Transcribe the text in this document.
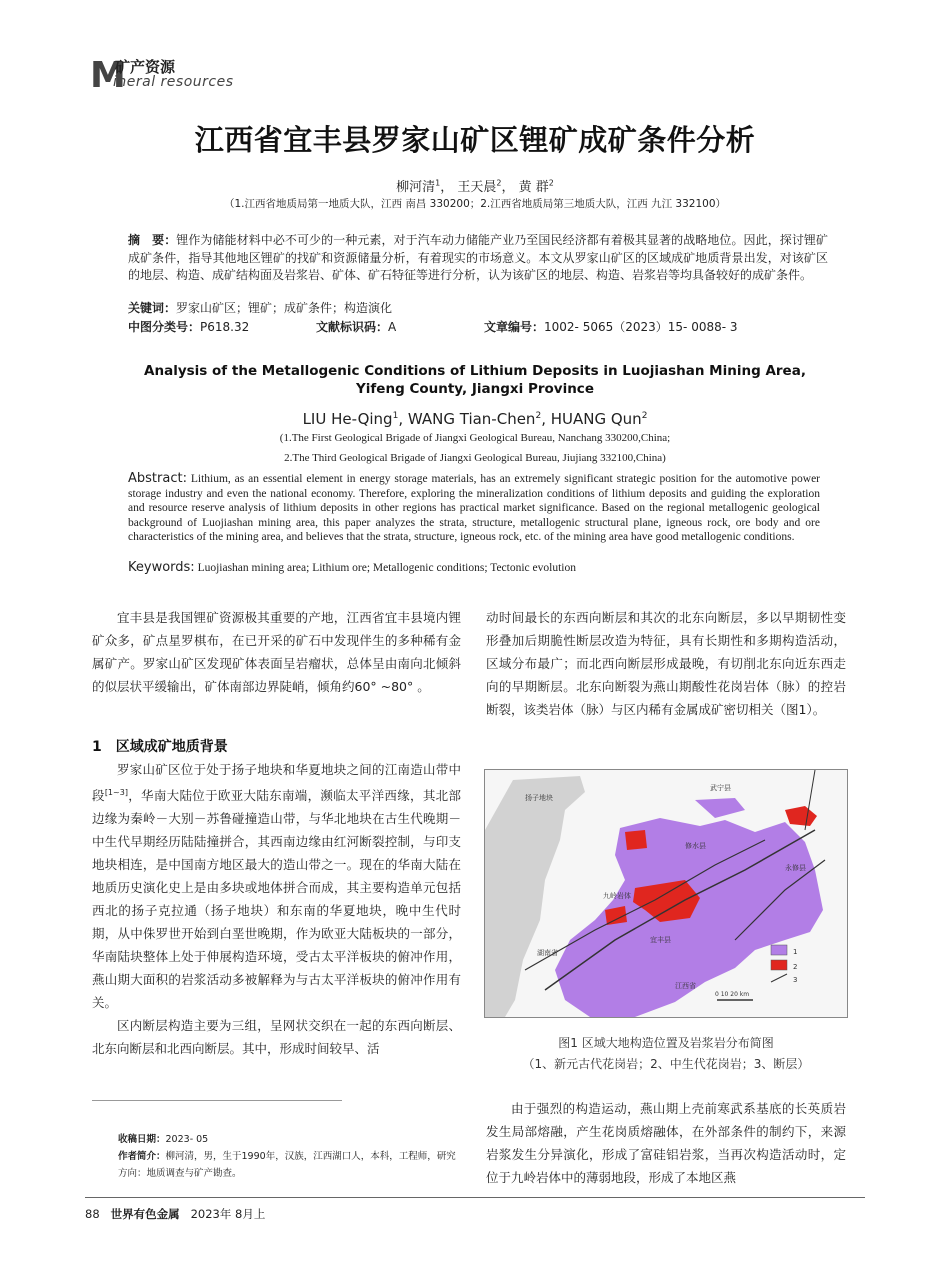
M
矿产资源
ineral resources
江西省宜丰县罗家山矿区锂矿成矿条件分析
柳河清$^1$， 王天晨$^2$， 黄 群$^2$
（1.江西省地质局第一地质大队，江西 南昌 330200；2.江西省地质局第三地质大队，江西 九江 332100）
摘　要：锂作为储能材料中必不可少的一种元素，对于汽车动力储能产业乃至国民经济都有着极其显著的战略地位。因此，探讨锂矿成矿条件，指导其他地区锂矿的找矿和资源储量分析，有着现实的市场意义。本文从罗家山矿区的区域成矿地质背景出发，对该矿区的地层、构造、成矿结构面及岩浆岩、矿体、矿石特征等进行分析，认为该矿区的地层、构造、岩浆岩等均具备较好的成矿条件。
关键词：罗家山矿区；锂矿；成矿条件；构造演化
中图分类号：P618.32	文献标识码：A	文章编号：1002- 5065（2023）15- 0088- 3
Analysis of the Metallogenic Conditions of Lithium Deposits in Luojiashan Mining Area,
Yifeng County, Jiangxi Province
LIU He-Qing$^1$, WANG Tian-Chen$^2$, HUANG Qun$^2$
(1.The First Geological Brigade of Jiangxi Geological Bureau, Nanchang 330200,China;
2.The Third Geological Brigade of Jiangxi Geological Bureau, Jiujiang 332100,China)
Abstract: Lithium, as an essential element in energy storage materials, has an extremely significant strategic position for the automotive power storage industry and even the national economy. Therefore, exploring the mineralization conditions of lithium deposits and guiding the exploration and resource reserve analysis of lithium deposits in other regions has practical market significance. Based on the regional metallogenic geological background of Luojiashan mining area, this paper analyzes the strata, structure, metallogenic structural plane, igneous rock, ore body and ore characteristics of the mining area, and believes that the strata, structure, igneous rock, etc. of the mining area have good metallogenic conditions.
Keywords: Luojiashan mining area; Lithium ore; Metallogenic conditions; Tectonic evolution

宜丰县是我国锂矿资源极其重要的产地，江西省宜丰县境内锂矿众多，矿点星罗棋布，在已开采的矿石中发现伴生的多种稀有金属矿产。罗家山矿区发现矿体表面呈岩瘤状，总体呈由南向北倾斜的似层状平缓输出，矿体南部边界陡峭，倾角约60° ~80° 。

1　区域成矿地质背景

罗家山矿区位于处于扬子地块和华夏地块之间的江南造山带中段[1~3]，华南大陆位于欧亚大陆东南端，濒临太平洋西缘，其北部边缘为秦岭－大别－苏鲁碰撞造山带，与华北地块在古生代晚期－中生代早期经历陆陆撞拼合，其西南边缘由红河断裂控制，与印支地块相连，是中国南方地区最大的造山带之一。现在的华南大陆在地质历史演化史上是由多块或地体拼合而成，其主要构造单元包括西北的扬子克拉通（扬子地块）和东南的华夏地块，晚中生代时期，从中侏罗世开始到白垩世晚期，作为欧亚大陆板块的一部分，华南陆块整体上处于伸展构造环境，受古太平洋板块的俯冲作用，燕山期大面积的岩浆活动多被解释为与古太平洋板块的俯冲作用有关。

区内断层构造主要为三组，呈网状交织在一起的东西向断层、北东向断层和北西向断层。其中，形成时间较早、活

动时间最长的东西向断层和其次的北东向断层，多以早期韧性变形叠加后期脆性断层改造为特征，具有长期性和多期构造活动，区域分布最广；而北西向断层形成最晚，有切削北东向近东西走向的早期断层。北东向断裂为燕山期酸性花岗岩体（脉）的控岩断裂，该类岩体（脉）与区内稀有金属成矿密切相关（图1）。

扬子地块
武宁县
江西省
湖南省
宜丰县
九岭岩体
修水县
永修县
1
2
3
0 10 20 km
图1 区域大地构造位置及岩浆岩分布简图
（1、新元古代花岗岩；2、中生代花岗岩；3、断层）

由于强烈的构造运动，燕山期上壳前寒武系基底的长英质岩发生局部熔融，产生花岗质熔融体，在外部条件的制约下，来源岩浆发生分异演化，形成了富硅铝岩浆，当再次构造活动时，定位于九岭岩体中的薄弱地段，形成了本地区燕

收稿日期：2023- 05
作者简介：柳河清，男，生于1990年，汉族，江西湖口人，本科，工程师，研究方向：地质调查与矿产勘查。
88 世界有色金属 2023年 8月上
